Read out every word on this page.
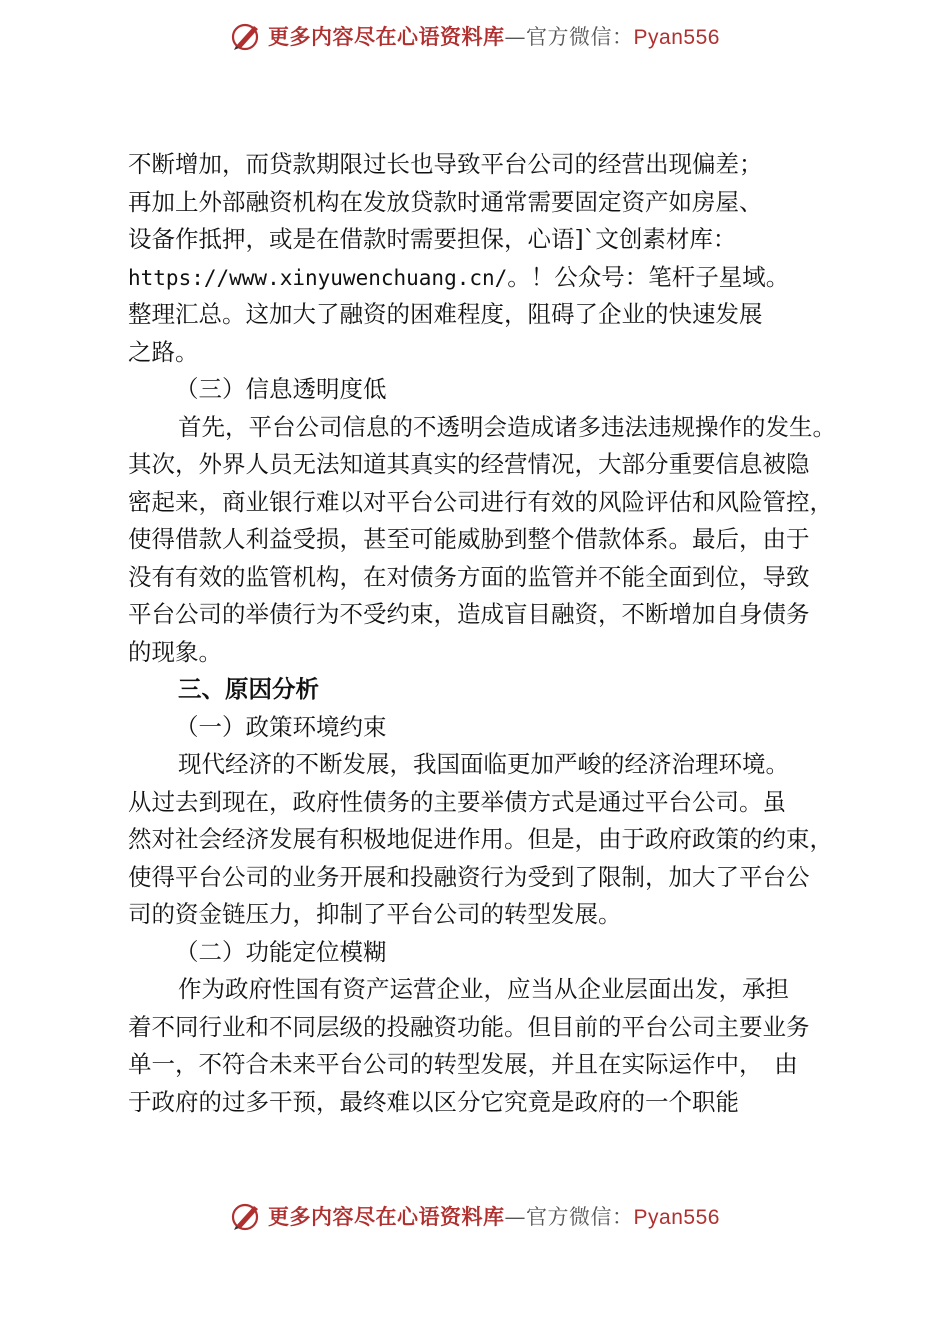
更多内容尽在心语资料库—官方微信：Pyan556
不断增加，而贷款期限过长也导致平台公司的经营出现偏差；
再加上外部融资机构在发放贷款时通常需要固定资产如房屋、
设备作抵押，或是在借款时需要担保，心语]`文创素材库：
https://www.xinyuwenchuang.cn/。！公众号：笔杆子星域。
整理汇总。这加大了融资的困难程度，阻碍了企业的快速发展
之路。
（三）信息透明度低
首先，平台公司信息的不透明会造成诸多违法违规操作的发生。
其次，外界人员无法知道其真实的经营情况，大部分重要信息被隐
密起来，商业银行难以对平台公司进行有效的风险评估和风险管控，
使得借款人利益受损，甚至可能威胁到整个借款体系。最后，由于
没有有效的监管机构，在对债务方面的监管并不能全面到位，导致
平台公司的举债行为不受约束，造成盲目融资，不断增加自身债务
的现象。
三、原因分析
（一）政策环境约束
现代经济的不断发展，我国面临更加严峻的经济治理环境。
从过去到现在，政府性债务的主要举债方式是通过平台公司。虽
然对社会经济发展有积极地促进作用。但是，由于政府政策的约束，
使得平台公司的业务开展和投融资行为受到了限制，加大了平台公
司的资金链压力，抑制了平台公司的转型发展。
（二）功能定位模糊
作为政府性国有资产运营企业，应当从企业层面出发，承担
着不同行业和不同层级的投融资功能。但目前的平台公司主要业务
单一，不符合未来平台公司的转型发展，并且在实际运作中，　由
于政府的过多干预，最终难以区分它究竟是政府的一个职能
更多内容尽在心语资料库—官方微信：Pyan556
